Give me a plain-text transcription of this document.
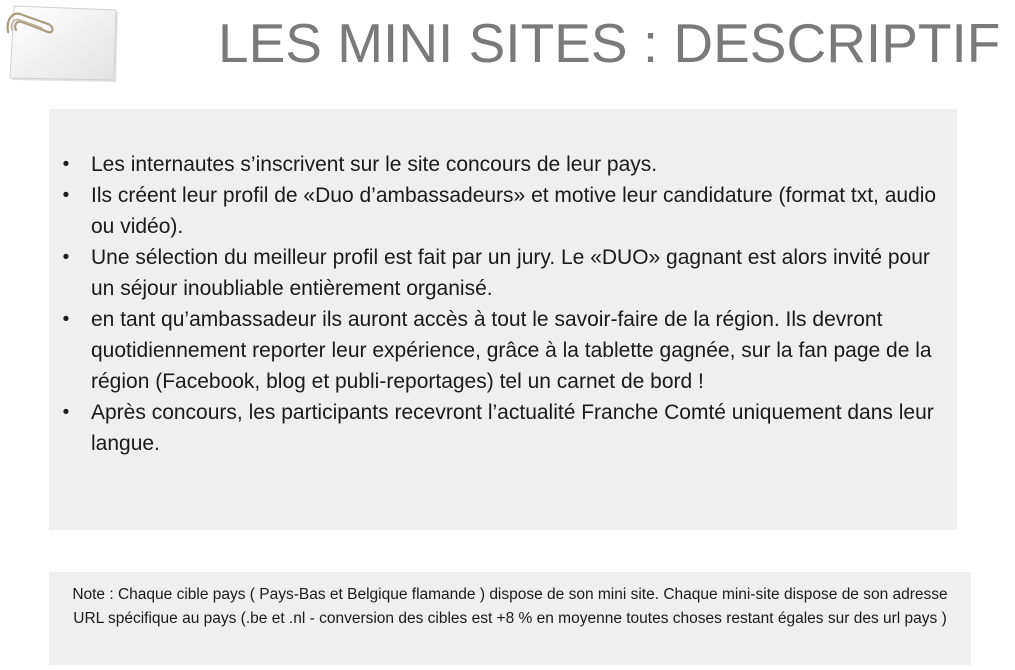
LES MINI SITES : DESCRIPTIF
• Les internautes s’inscrivent sur le site concours de leur pays.
• Ils créent leur profil de «Duo d’ambassadeurs» et motive leur candidature (format txt, audio ou vidéo).
• Une sélection du meilleur profil est fait par un jury. Le «DUO» gagnant est alors invité pour un séjour inoubliable entièrement organisé.
• en tant qu’ambassadeur ils auront accès à tout le savoir-faire de la région. Ils devront quotidiennement reporter leur expérience, grâce à la tablette gagnée, sur la fan page de la région (Facebook, blog et publi-reportages) tel un carnet de bord !
• Après concours, les participants recevront l’actualité Franche Comté uniquement dans leur langue.
Note : Chaque cible pays ( Pays-Bas et Belgique flamande ) dispose de son mini site. Chaque mini-site dispose de son adresse URL spécifique au pays (.be et .nl - conversion des cibles est +8 % en moyenne toutes choses restant égales sur des url pays )
